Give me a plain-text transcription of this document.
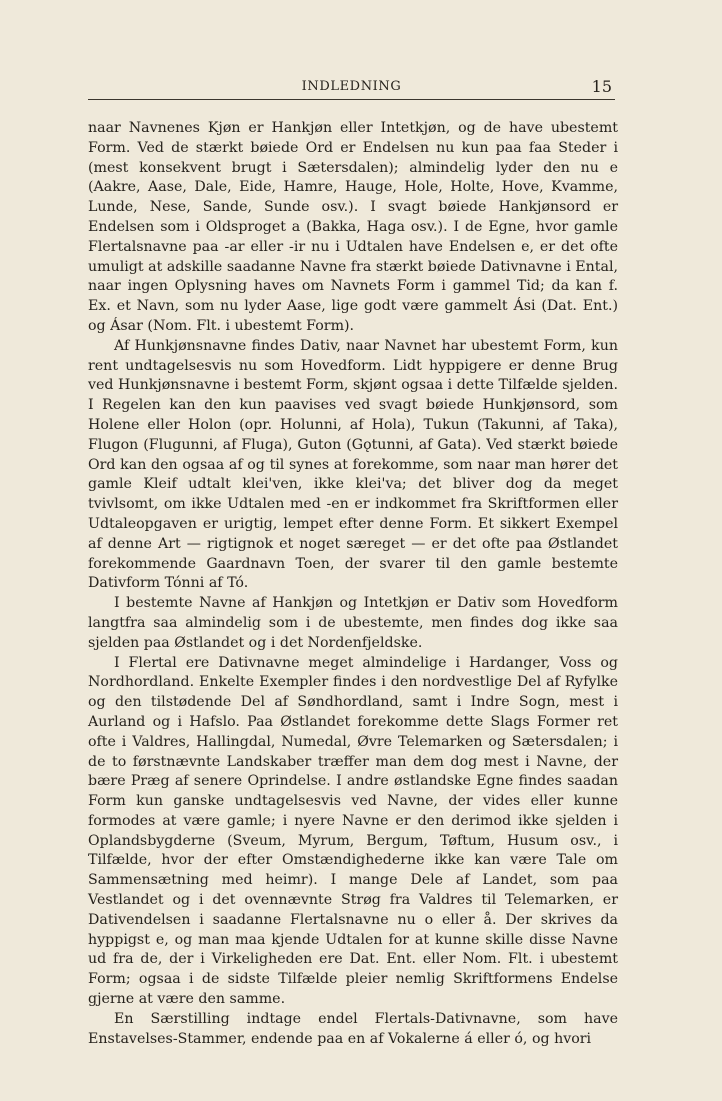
INDLEDNING	15

naar Navnenes Kjøn er Hankjøn eller Intetkjøn, og de have ubestemt Form. Ved de stærkt bøiede Ord er Endelsen nu kun paa faa Steder i (mest konsekvent brugt i Sætersdalen); almindelig lyder den nu e (Aakre, Aase, Dale, Eide, Hamre, Hauge, Hole, Holte, Hove, Kvamme, Lunde, Nese, Sande, Sunde osv.). I svagt bøiede Hankjønsord er Endelsen som i Oldsproget a (Bakka, Haga osv.). I de Egne, hvor gamle Flertalsnavne paa -ar eller -ir nu i Udtalen have Endelsen e, er det ofte umuligt at adskille saadanne Navne fra stærkt bøiede Dativnavne i Ental, naar ingen Oplysning haves om Navnets Form i gammel Tid; da kan f. Ex. et Navn, som nu lyder Aase, lige godt være gammelt Ási (Dat. Ent.) og Ásar (Nom. Flt. i ubestemt Form).

Af Hunkjønsnavne findes Dativ, naar Navnet har ubestemt Form, kun rent undtagelsesvis nu som Hovedform. Lidt hyppigere er denne Brug ved Hunkjønsnavne i bestemt Form, skjønt ogsaa i dette Tilfælde sjelden. I Regelen kan den kun paavises ved svagt bøiede Hunkjønsord, som Holene eller Holon (opr. Holunni, af Hola), Tukun (Takunni, af Taka), Flugon (Flugunni, af Fluga), Guton (Gǫtunni, af Gata). Ved stærkt bøiede Ord kan den ogsaa af og til synes at forekomme, som naar man hører det gamle Kleif udtalt klei'ven, ikke klei'va; det bliver dog da meget tvivlsomt, om ikke Udtalen med -en er indkommet fra Skriftformen eller Udtaleopgaven er urigtig, lempet efter denne Form. Et sikkert Exempel af denne Art — rigtignok et noget særeget — er det ofte paa Østlandet forekommende Gaardnavn Toen, der svarer til den gamle bestemte Dativform Tónni af Tó.

I bestemte Navne af Hankjøn og Intetkjøn er Dativ som Hovedform langtfra saa almindelig som i de ubestemte, men findes dog ikke saa sjelden paa Østlandet og i det Nordenfjeldske.

I Flertal ere Dativnavne meget almindelige i Hardanger, Voss og Nordhordland. Enkelte Exempler findes i den nordvestlige Del af Ryfylke og den tilstødende Del af Søndhordland, samt i Indre Sogn, mest i Aurland og i Hafslo. Paa Østlandet forekomme dette Slags Former ret ofte i Valdres, Hallingdal, Numedal, Øvre Telemarken og Sætersdalen; i de to førstnævnte Landskaber træffer man dem dog mest i Navne, der bære Præg af senere Oprindelse. I andre østlandske Egne findes saadan Form kun ganske undtagelsesvis ved Navne, der vides eller kunne formodes at være gamle; i nyere Navne er den derimod ikke sjelden i Oplandsbygderne (Sveum, Myrum, Bergum, Tøftum, Husum osv., i Tilfælde, hvor der efter Omstændighederne ikke kan være Tale om Sammensætning med heimr). I mange Dele af Landet, som paa Vestlandet og i det ovennævnte Strøg fra Valdres til Telemarken, er Dativendelsen i saadanne Flertalsnavne nu o eller å. Der skrives da hyppigst e, og man maa kjende Udtalen for at kunne skille disse Navne ud fra de, der i Virkeligheden ere Dat. Ent. eller Nom. Flt. i ubestemt Form; ogsaa i de sidste Tilfælde pleier nemlig Skriftformens Endelse gjerne at være den samme.

En Særstilling indtage endel Flertals-Dativnavne, som have Enstavelses-Stammer, endende paa en af Vokalerne á eller ó, og hvori
